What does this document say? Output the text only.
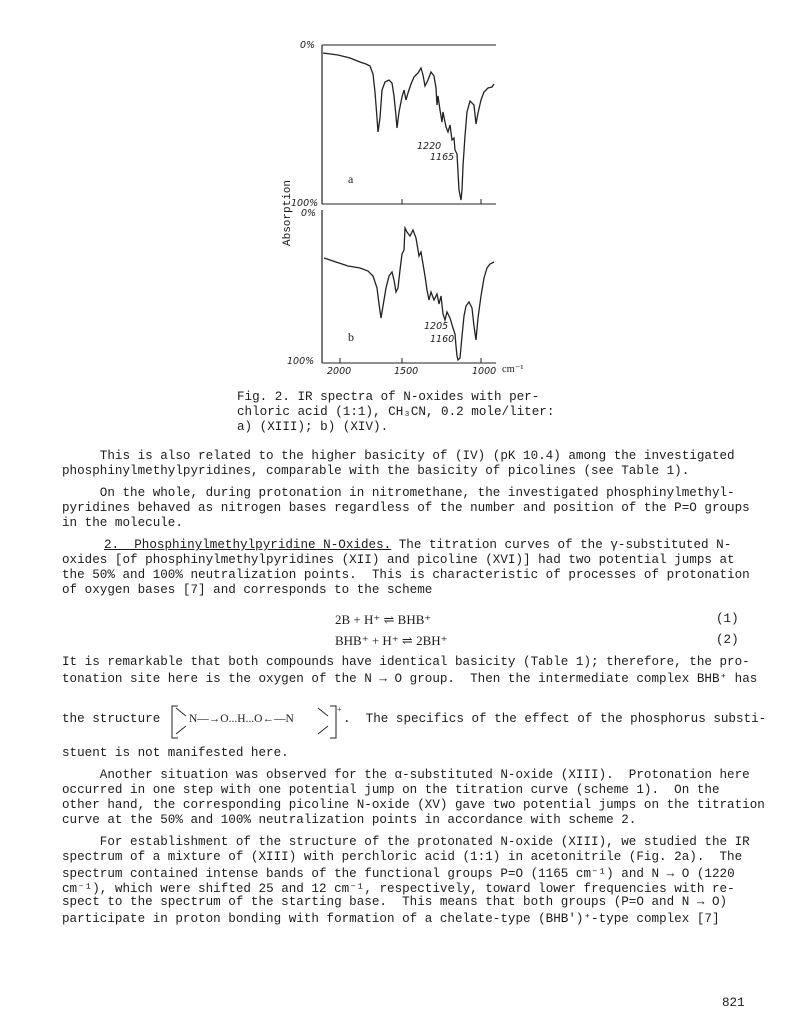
0%
1220
1165
a
100%
Absorption 0%
1205
1160
b
100%
2000	1500	1000 cm⁻¹
Fig. 2. IR spectra of N-oxides with per-
chloric acid (1:1), CH₃CN, 0.2 mole/liter:
a) (XIII); b) (XIV).
This is also related to the higher basicity of (IV) (pK 10.4) among the investigated
phosphinylmethylpyridines, comparable with the basicity of picolines (see Table 1).
On the whole, during protonation in nitromethane, the investigated phosphinylmethyl-
pyridines behaved as nitrogen bases regardless of the number and position of the P=O groups
in the molecule.
2.  Phosphinylmethylpyridine N-Oxides. The titration curves of the γ-substituted N-
oxides [of phosphinylmethylpyridines (XII) and picoline (XVI)] had two potential jumps at
the 50% and 100% neutralization points.  This is characteristic of processes of protonation
of oxygen bases [7] and corresponds to the scheme
2B + H⁺ ⇌ BHB⁺	(1)
BHB⁺ + H⁺ ⇌ 2BH⁺	(2)
It is remarkable that both compounds have identical basicity (Table 1); therefore, the pro-
tonation site here is the oxygen of the N → O group.  Then the intermediate complex BHB⁺ has
the structure
+
N—→O...H...O←—N	.  The specifics of the effect of the phosphorus substi-
stuent is not manifested here.
Another situation was observed for the α-substituted N-oxide (XIII).  Protonation here
occurred in one step with one potential jump on the titration curve (scheme 1).  On the
other hand, the corresponding picoline N-oxide (XV) gave two potential jumps on the titration
curve at the 50% and 100% neutralization points in accordance with scheme 2.
For establishment of the structure of the protonated N-oxide (XIII), we studied the IR
spectrum of a mixture of (XIII) with perchloric acid (1:1) in acetonitrile (Fig. 2a).  The
spectrum contained intense bands of the functional groups P=O (1165 cm⁻¹) and N → O (1220
cm⁻¹), which were shifted 25 and 12 cm⁻¹, respectively, toward lower frequencies with re-
spect to the spectrum of the starting base.  This means that both groups (P=O and N → O)
participate in proton bonding with formation of a chelate-type (BHB')⁺-type complex [7]
821
